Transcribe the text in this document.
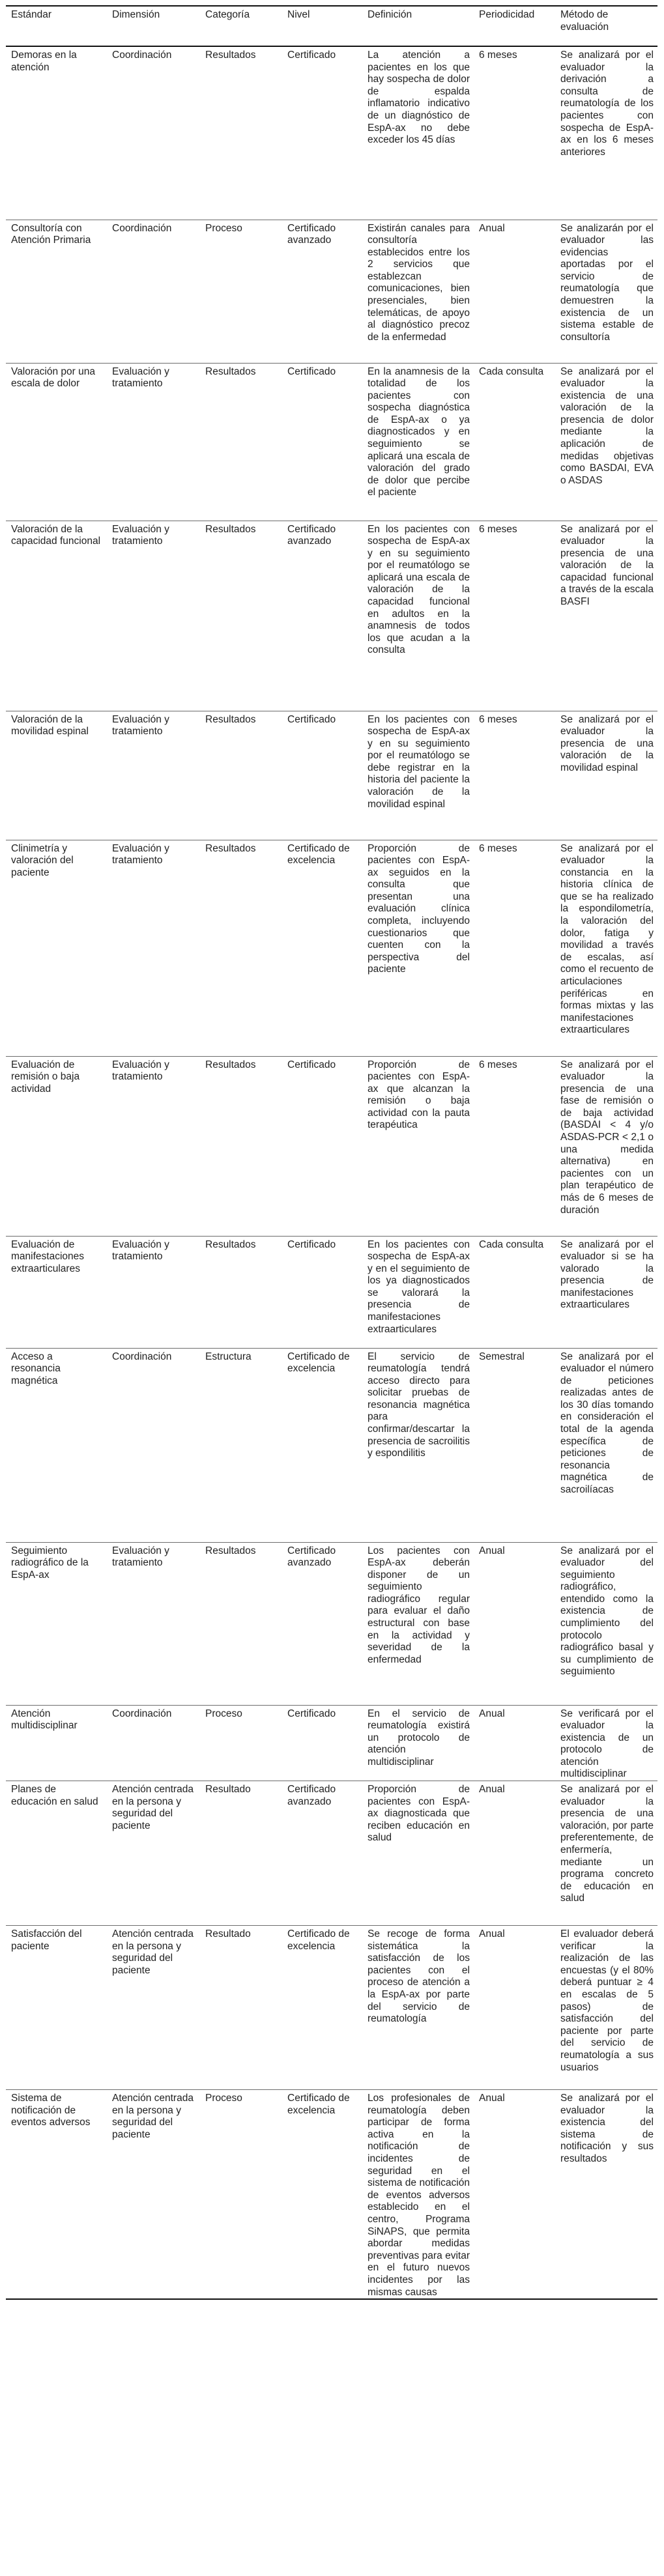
Estándar	Dimensión	Categoría	Nivel	Definición	Periodicidad	Método de evaluación
Demoras en la atención	Coordinación	Resultados	Certificado	La atención a pacientes en los que hay sospecha de dolor de espalda inflamatorio indicativo de un diagnóstico de EspA-ax no debe exceder los 45 días	6 meses	Se analizará por el evaluador la derivación a consulta de reumatología de los pacientes con sospecha de EspA-ax en los 6 meses anteriores
Consultoría con Atención Primaria	Coordinación	Proceso	Certificado avanzado	Existirán canales para consultoría establecidos entre los 2 servicios que establezcan comunicaciones, bien presenciales, bien telemáticas, de apoyo al diagnóstico precoz de la enfermedad	Anual	Se analizarán por el evaluador las evidencias aportadas por el servicio de reumatología que demuestren la existencia de un sistema estable de consultoría
Valoración por una escala de dolor	Evaluación y tratamiento	Resultados	Certificado	En la anamnesis de la totalidad de los pacientes con sospecha diagnóstica de EspA-ax o ya diagnosticados y en seguimiento se aplicará una escala de valoración del grado de dolor que percibe el paciente	Cada consulta	Se analizará por el evaluador la existencia de una valoración de la presencia de dolor mediante la aplicación de medidas objetivas como BASDAI, EVA o ASDAS
Valoración de la capacidad funcional	Evaluación y tratamiento	Resultados	Certificado avanzado	En los pacientes con sospecha de EspA-ax y en su seguimiento por el reumatólogo se aplicará una escala de valoración de la capacidad funcional en adultos en la anamnesis de todos los que acudan a la consulta	6 meses	Se analizará por el evaluador la presencia de una valoración de la capacidad funcional a través de la escala BASFI
Valoración de la movilidad espinal	Evaluación y tratamiento	Resultados	Certificado	En los pacientes con sospecha de EspA-ax y en su seguimiento por el reumatólogo se debe registrar en la historia del paciente la valoración de la movilidad espinal	6 meses	Se analizará por el evaluador la presencia de una valoración de la movilidad espinal
Clinimetría y valoración del paciente	Evaluación y tratamiento	Resultados	Certificado de excelencia	Proporción de pacientes con EspA-ax seguidos en la consulta que presentan una evaluación clínica completa, incluyendo cuestionarios que cuenten con la perspectiva del paciente	6 meses	Se analizará por el evaluador la constancia en la historia clínica de que se ha realizado la espondilometría, la valoración del dolor, fatiga y movilidad a través de escalas, así como el recuento de articulaciones periféricas en formas mixtas y las manifestaciones extraarticulares
Evaluación de remisión o baja actividad	Evaluación y tratamiento	Resultados	Certificado	Proporción de pacientes con EspA-ax que alcanzan la remisión o baja actividad con la pauta terapéutica	6 meses	Se analizará por el evaluador la presencia de una fase de remisión o de baja actividad (BASDAI < 4 y/o ASDAS-PCR < 2,1 o una medida alternativa) en pacientes con un plan terapéutico de más de 6 meses de duración
Evaluación de manifestaciones extraarticulares	Evaluación y tratamiento	Resultados	Certificado	En los pacientes con sospecha de EspA-ax y en el seguimiento de los ya diagnosticados se valorará la presencia de manifestaciones extraarticulares	Cada consulta	Se analizará por el evaluador si se ha valorado la presencia de manifestaciones extraarticulares
Acceso a resonancia magnética	Coordinación	Estructura	Certificado de excelencia	El servicio de reumatología tendrá acceso directo para solicitar pruebas de resonancia magnética para confirmar/descartar la presencia de sacroilitis y espondilitis	Semestral	Se analizará por el evaluador el número de peticiones realizadas antes de los 30 días tomando en consideración el total de la agenda específica de peticiones de resonancia magnética de sacroilíacas
Seguimiento radiográfico de la EspA-ax	Evaluación y tratamiento	Resultados	Certificado avanzado	Los pacientes con EspA-ax deberán disponer de un seguimiento radiográfico regular para evaluar el daño estructural con base en la actividad y severidad de la enfermedad	Anual	Se analizará por el evaluador del seguimiento radiográfico, entendido como la existencia de cumplimiento del protocolo radiográfico basal y su cumplimiento de seguimiento
Atención multidisciplinar	Coordinación	Proceso	Certificado	En el servicio de reumatología existirá un protocolo de atención multidisciplinar	Anual	Se verificará por el evaluador la existencia de un protocolo de atención multidisciplinar
Planes de educación en salud	Atención centrada en la persona y seguridad del paciente	Resultado	Certificado avanzado	Proporción de pacientes con EspA-ax diagnosticada que reciben educación en salud	Anual	Se analizará por el evaluador la presencia de una valoración, por parte preferentemente, de enfermería, mediante un programa concreto de educación en salud
Satisfacción del paciente	Atención centrada en la persona y seguridad del paciente	Resultado	Certificado de excelencia	Se recoge de forma sistemática la satisfacción de los pacientes con el proceso de atención a la EspA-ax por parte del servicio de reumatología	Anual	El evaluador deberá verificar la realización de las encuestas (y el 80% deberá puntuar ≥ 4 en escalas de 5 pasos) de satisfacción del paciente por parte del servicio de reumatología a sus usuarios
Sistema de notificación de eventos adversos	Atención centrada en la persona y seguridad del paciente	Proceso	Certificado de excelencia	Los profesionales de reumatología deben participar de forma activa en la notificación de incidentes de seguridad en el sistema de notificación de eventos adversos establecido en el centro, Programa SiNAPS, que permita abordar medidas preventivas para evitar en el futuro nuevos incidentes por las mismas causas	Anual	Se analizará por el evaluador la existencia del sistema de notificación y sus resultados
